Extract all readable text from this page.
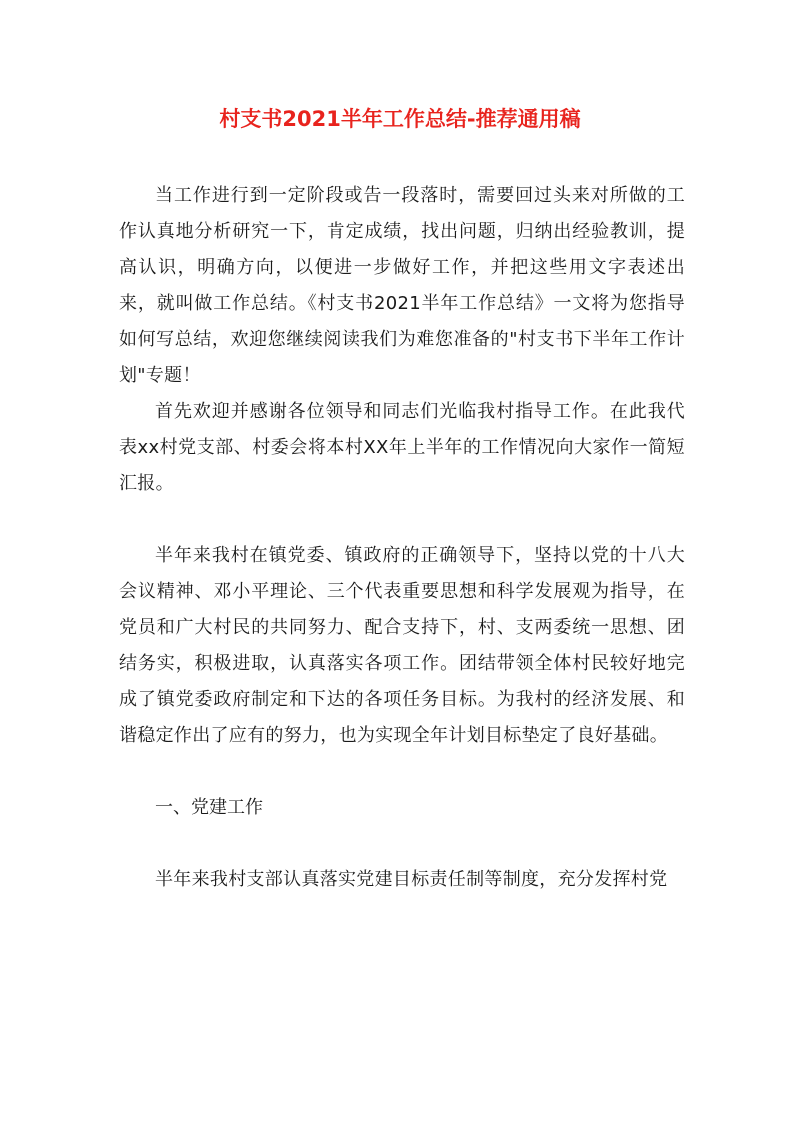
村支书2021半年工作总结-推荐通用稿

当工作进行到一定阶段或告一段落时，需要回过头来对所做的工作认真地分析研究一下，肯定成绩，找出问题，归纳出经验教训，提高认识，明确方向，以便进一步做好工作，并把这些用文字表述出来，就叫做工作总结。《村支书2021半年工作总结》一文将为您指导如何写总结，欢迎您继续阅读我们为难您准备的"村支书下半年工作计划"专题！

首先欢迎并感谢各位领导和同志们光临我村指导工作。在此我代表xx村党支部、村委会将本村XX年上半年的工作情况向大家作一简短汇报。

半年来我村在镇党委、镇政府的正确领导下，坚持以党的十八大会议精神、邓小平理论、三个代表重要思想和科学发展观为指导，在党员和广大村民的共同努力、配合支持下，村、支两委统一思想、团结务实，积极进取，认真落实各项工作。团结带领全体村民较好地完成了镇党委政府制定和下达的各项任务目标。为我村的经济发展、和谐稳定作出了应有的努力，也为实现全年计划目标垫定了良好基础。

一、党建工作

半年来我村支部认真落实党建目标责任制等制度，充分发挥村党
